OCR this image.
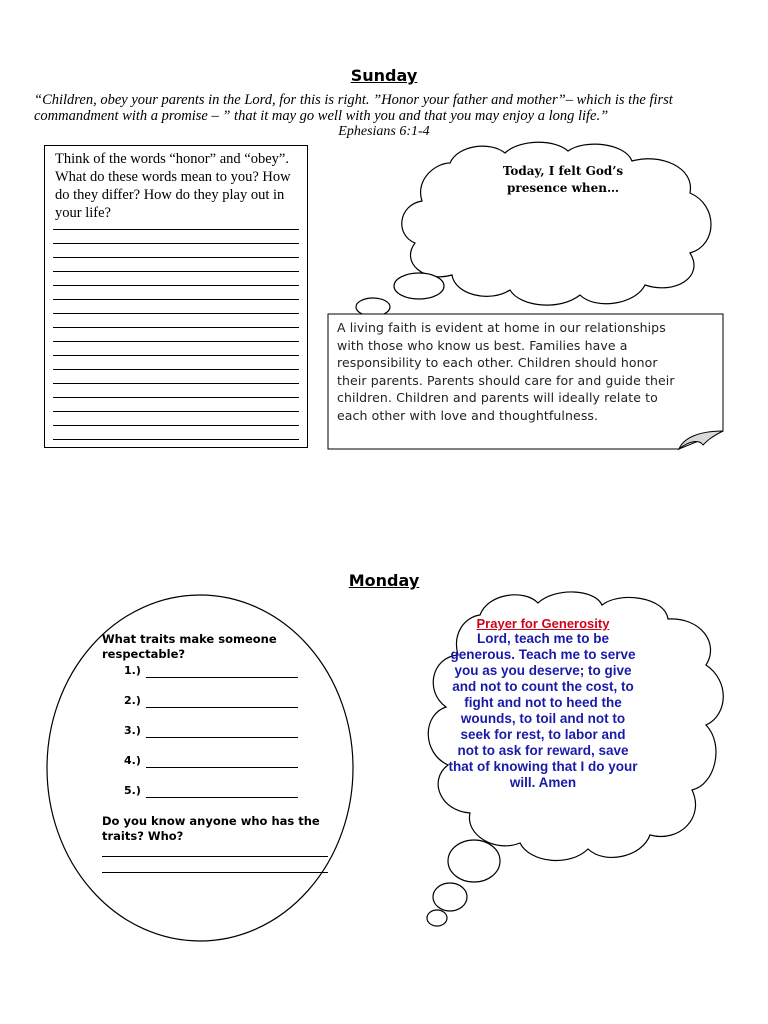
Sunday
“Children, obey your parents in the Lord, for this is right. ”Honor your father and mother”– which is the first
commandment with a promise – ” that it may go well with you and that you may enjoy a long life.”
Ephesians 6:1-4
Think of the words “honor” and “obey”. What do these words mean to you? How do they differ? How do they play out in your life?
Today, I felt God’s presence when…
A living faith is evident at home in our relationships
with those who know us best. Families have a
responsibility to each other. Children should honor
their parents. Parents should care for and guide their
children. Children and parents will ideally relate to
each other with love and thoughtfulness.
Monday
What traits make someone respectable?
1.)
2.)
3.)
4.)
5.)
Do you know anyone who has the traits? Who?
Prayer for Generosity
Lord, teach me to be
generous. Teach me to serve
you as you deserve; to give
and not to count the cost, to
fight and not to heed the
wounds, to toil and not to
seek for rest, to labor and
not to ask for reward, save
that of knowing that I do your
will. Amen
